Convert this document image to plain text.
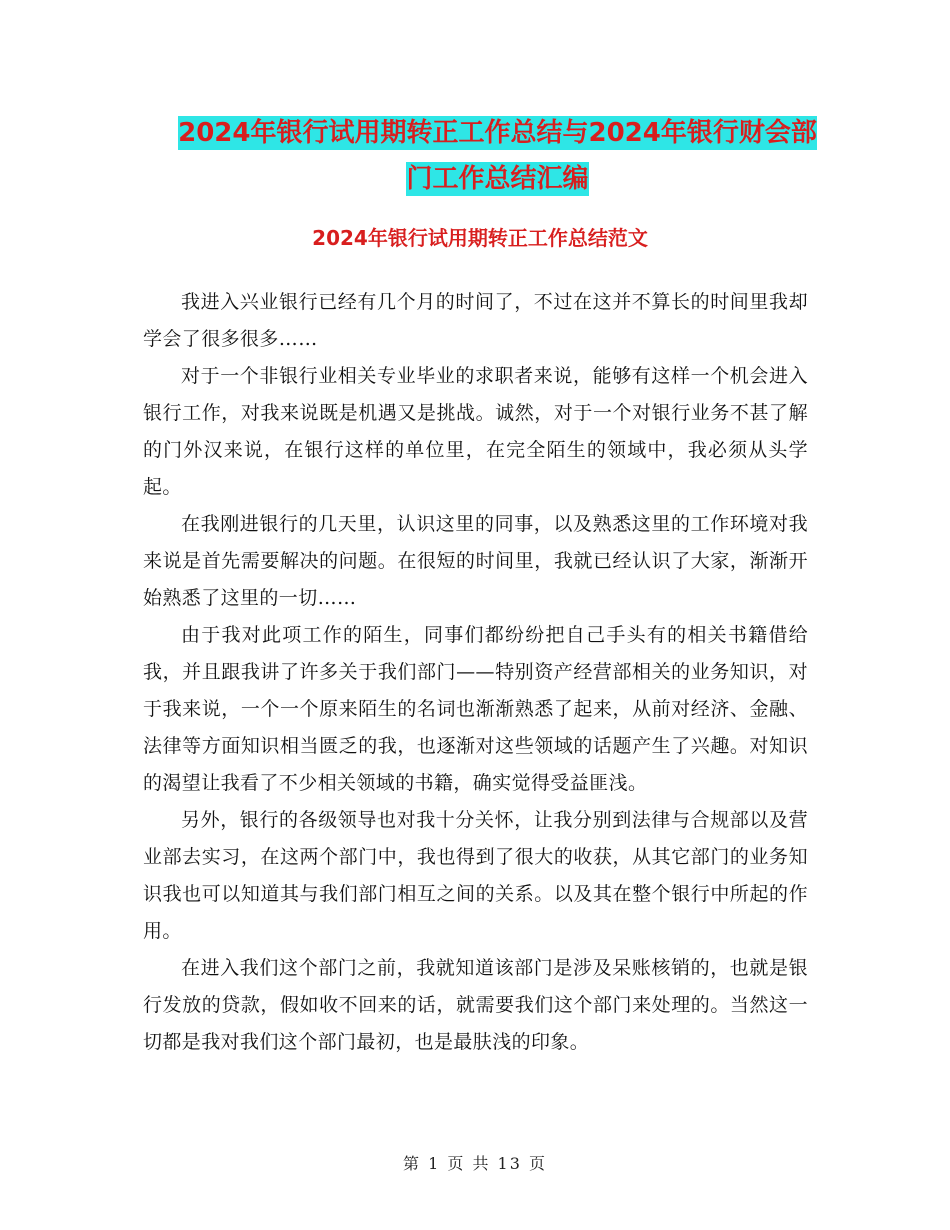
2024年银行试用期转正工作总结与2024年银行财会部
门工作总结汇编
2024年银行试用期转正工作总结范文

我进入兴业银行已经有几个月的时间了，不过在这并不算长的时间里我却学会了很多很多……

对于一个非银行业相关专业毕业的求职者来说，能够有这样一个机会进入银行工作，对我来说既是机遇又是挑战。诚然，对于一个对银行业务不甚了解的门外汉来说，在银行这样的单位里，在完全陌生的领域中，我必须从头学起。

在我刚进银行的几天里，认识这里的同事，以及熟悉这里的工作环境对我来说是首先需要解决的问题。在很短的时间里，我就已经认识了大家，渐渐开始熟悉了这里的一切……

由于我对此项工作的陌生，同事们都纷纷把自己手头有的相关书籍借给我，并且跟我讲了许多关于我们部门——特别资产经营部相关的业务知识，对于我来说，一个一个原来陌生的名词也渐渐熟悉了起来，从前对经济、金融、法律等方面知识相当匮乏的我，也逐渐对这些领域的话题产生了兴趣。对知识的渴望让我看了不少相关领域的书籍，确实觉得受益匪浅。

另外，银行的各级领导也对我十分关怀，让我分别到法律与合规部以及营业部去实习，在这两个部门中，我也得到了很大的收获，从其它部门的业务知识我也可以知道其与我们部门相互之间的关系。以及其在整个银行中所起的作用。

在进入我们这个部门之前，我就知道该部门是涉及呆账核销的，也就是银行发放的贷款，假如收不回来的话，就需要我们这个部门来处理的。当然这一切都是我对我们这个部门最初，也是最肤浅的印象。

第 1 页 共 13 页
